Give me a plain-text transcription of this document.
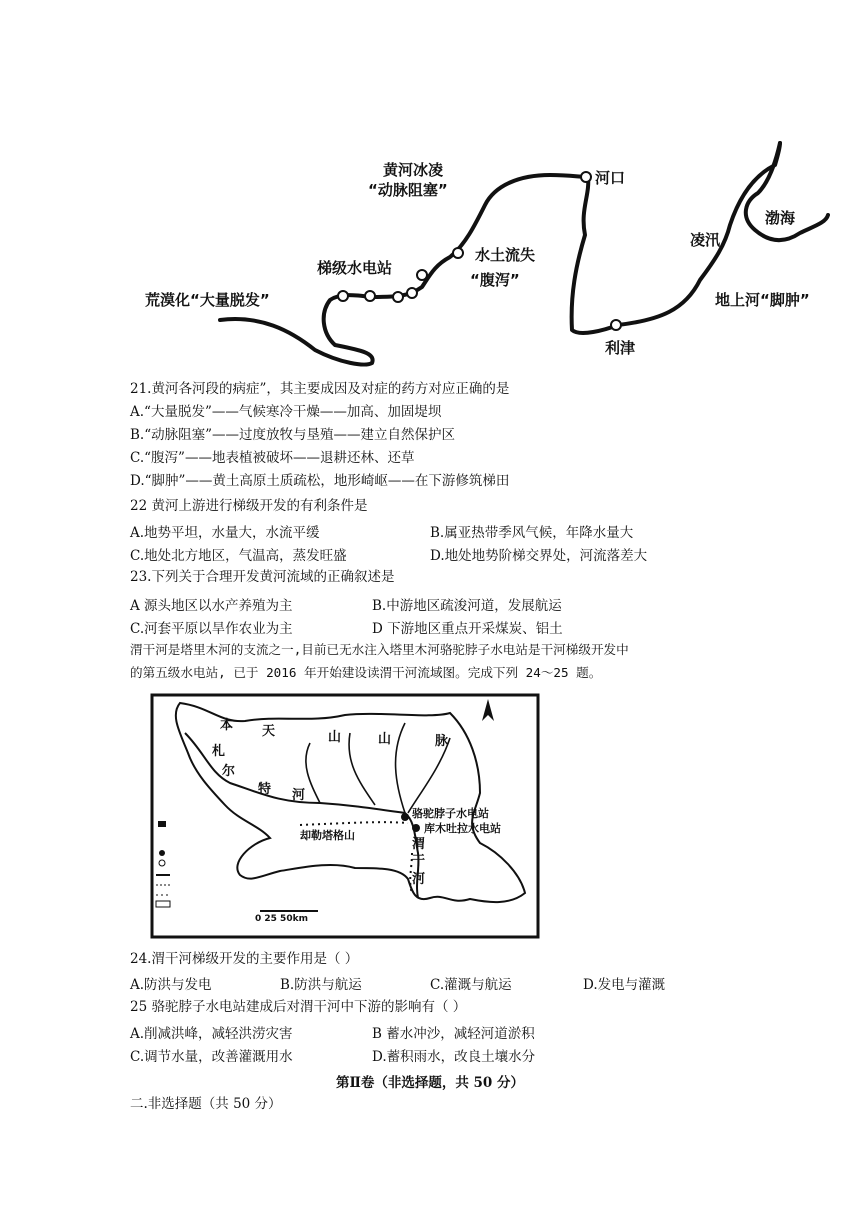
黄河冰凌
“动脉阻塞”
河口
渤海
凌汛
水土流失
“腹泻”
梯级水电站
荒漠化“大量脱发”	地上河“脚肿”
利津
21.黄河各河段的病症”，其主要成因及对症的药方对应正确的是
A.“大量脱发”——气候寒冷干燥——加高、加固堤坝
B.“动脉阻塞”——过度放牧与垦殖——建立自然保护区
C.“腹泻”——地表植被破坏——退耕还林、还草
D.“脚肿”——黄土高原土质疏松，地形崎岖——在下游修筑梯田
22 黄河上游进行梯级开发的有利条件是
A.地势平坦，水量大，水流平缓	B.属亚热带季风气候，年降水量大
C.地处北方地区，气温高，蒸发旺盛	D.地处地势阶梯交界处，河流落差大
23.下列关于合理开发黄河流域的正确叙述是
A 源头地区以水产养殖为主	B.中游地区疏浚河道，发展航运
C.河套平原以旱作农业为主	D 下游地区重点开采煤炭、铝土
渭干河是塔里木河的支流之一,目前已无水注入塔里木河骆驼脖子水电站是干河梯级开发中
的第五级水电站, 已于 2016 年开始建设读渭干河流域图。完成下列 24～25 题。
0 25 50km
本 天	山	山	脉
札
尔
特 河
骆驼脖子水电站
库木吐拉水电站
却勒塔格山
渭
干
河
24.渭干河梯级开发的主要作用是（ ）
A.防洪与发电	B.防洪与航运	C.灌溉与航运	D.发电与灌溉
25 骆驼脖子水电站建成后对渭干河中下游的影响有（ ）
A.削减洪峰，减轻洪涝灾害	B 蓄水冲沙，减轻河道淤积
C.调节水量，改善灌溉用水	D.蓄积雨水，改良土壤水分
第Ⅱ卷（非选择题，共 50 分）
二.非选择题（共 50 分）
